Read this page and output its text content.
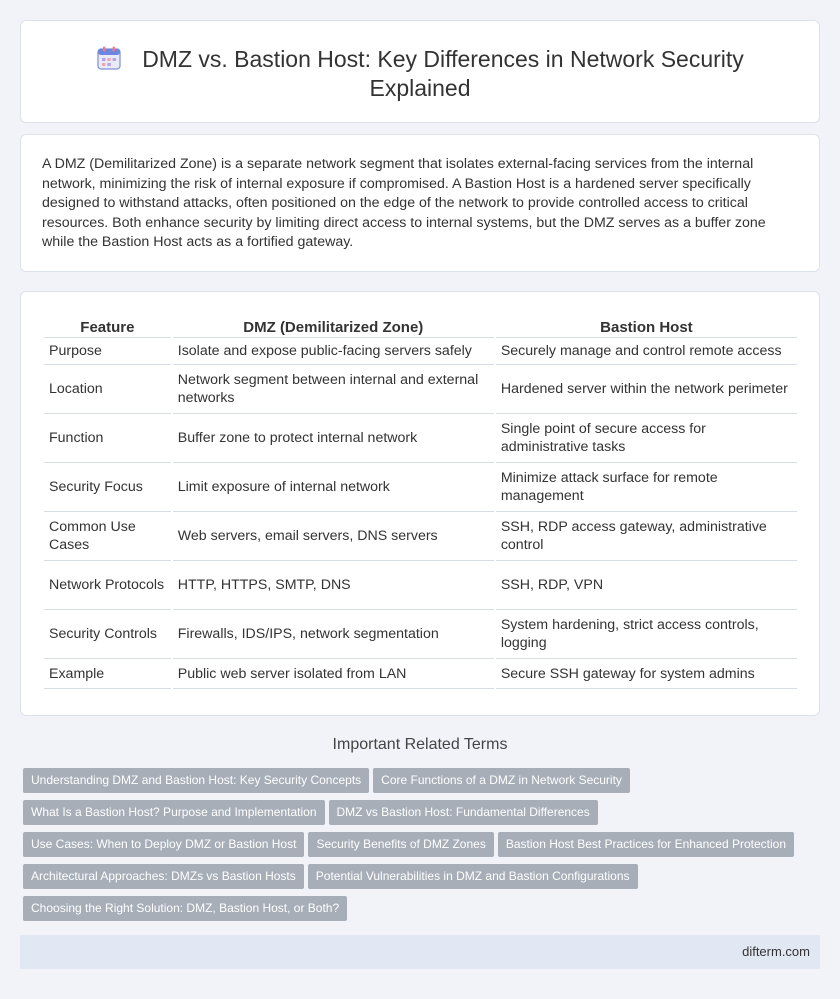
DMZ vs. Bastion Host: Key Differences in Network Security
Explained

A DMZ (Demilitarized Zone) is a separate network segment that isolates external-facing services from the internal network, minimizing the risk of internal exposure if compromised. A Bastion Host is a hardened server specifically designed to withstand attacks, often positioned on the edge of the network to provide controlled access to critical resources. Both enhance security by limiting direct access to internal systems, but the DMZ serves as a buffer zone while the Bastion Host acts as a fortified gateway.

Feature	DMZ (Demilitarized Zone)	Bastion Host
Purpose	Isolate and expose public-facing servers safely	Securely manage and control remote access
Location	Network segment between internal and external networks	Hardened server within the network perimeter
Function	Buffer zone to protect internal network	Single point of secure access for administrative tasks
Security Focus	Limit exposure of internal network	Minimize attack surface for remote management
Common Use Cases	Web servers, email servers, DNS servers	SSH, RDP access gateway, administrative control
Network Protocols	HTTP, HTTPS, SMTP, DNS	SSH, RDP, VPN
Security Controls	Firewalls, IDS/IPS, network segmentation	System hardening, strict access controls, logging
Example	Public web server isolated from LAN	Secure SSH gateway for system admins
Important Related Terms
Understanding DMZ and Bastion Host: Key Security Concepts Core Functions of a DMZ in Network Security
What Is a Bastion Host? Purpose and Implementation DMZ vs Bastion Host: Fundamental Differences
Use Cases: When to Deploy DMZ or Bastion Host Security Benefits of DMZ Zones Bastion Host Best Practices for Enhanced Protection
Architectural Approaches: DMZs vs Bastion Hosts Potential Vulnerabilities in DMZ and Bastion Configurations
Choosing the Right Solution: DMZ, Bastion Host, or Both?
difterm.com
